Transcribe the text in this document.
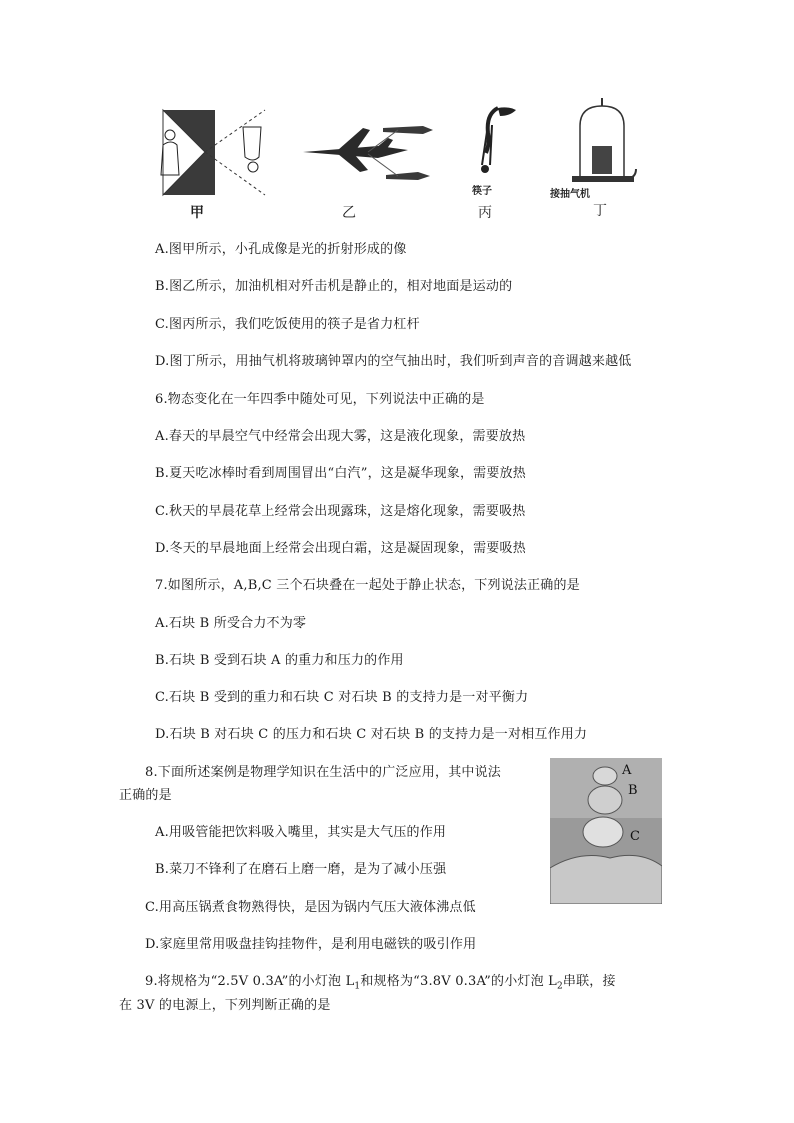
甲	乙
筷子
丙
接抽气机
丁
A.图甲所示，小孔成像是光的折射形成的像
B.图乙所示，加油机相对歼击机是静止的，相对地面是运动的
C.图丙所示，我们吃饭使用的筷子是省力杠杆
D.图丁所示，用抽气机将玻璃钟罩内的空气抽出时，我们听到声音的音调越来越低
6.物态变化在一年四季中随处可见，下列说法中正确的是
A.春天的早晨空气中经常会出现大雾，这是液化现象，需要放热
B.夏天吃冰棒时看到周围冒出“白汽”，这是凝华现象，需要放热
C.秋天的早晨花草上经常会出现露珠，这是熔化现象，需要吸热
D.冬天的早晨地面上经常会出现白霜，这是凝固现象，需要吸热
7.如图所示，A,B,C 三个石块叠在一起处于静止状态，下列说法正确的是
A.石块 B 所受合力不为零
B.石块 B 受到石块 A 的重力和压力的作用
C.石块 B 受到的重力和石块 C 对石块 B 的支持力是一对平衡力
D.石块 B 对石块 C 的压力和石块 C 对石块 B 的支持力是一对相互作用力
A
B
C
8.下面所述案例是物理学知识在生活中的广泛应用，其中说法
正确的是
A.用吸管能把饮料吸入嘴里，其实是大气压的作用
B.菜刀不锋利了在磨石上磨一磨，是为了减小压强
C.用高压锅煮食物熟得快，是因为锅内气压大液体沸点低
D.家庭里常用吸盘挂钩挂物件，是利用电磁铁的吸引作用
9.将规格为“2.5V 0.3A”的小灯泡 $L_1$和规格为“3.8V 0.3A”的小灯泡 $L_2$串联，接
在 3V 的电源上，下列判断正确的是
